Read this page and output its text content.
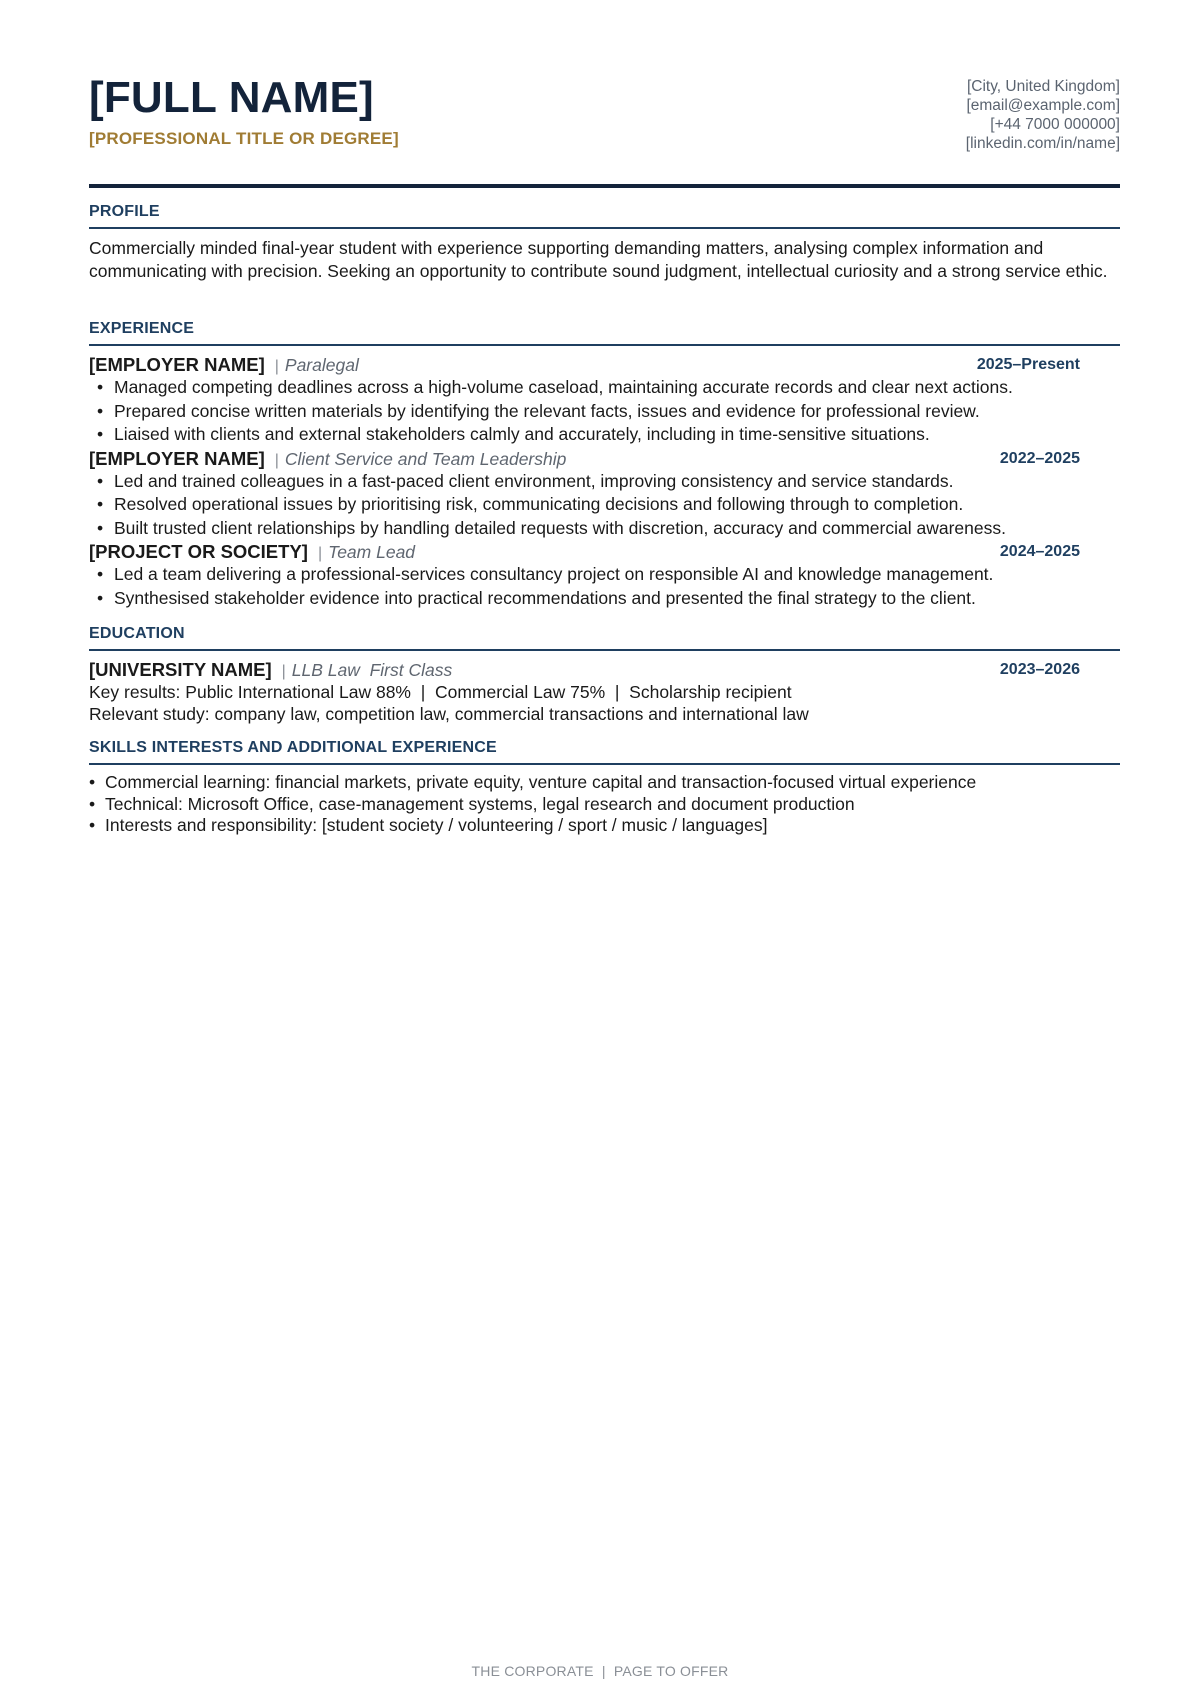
[FULL NAME]
[PROFESSIONAL TITLE OR DEGREE]
[City, United Kingdom]
[email@example.com]
[+44 7000 000000]
[linkedin.com/in/name]
PROFILE
Commercially minded final-year student with experience supporting demanding matters, analysing complex information and communicating with precision. Seeking an opportunity to contribute sound judgment, intellectual curiosity and a strong service ethic.
EXPERIENCE
[EMPLOYER NAME] | Paralegal	2025–Present
• Managed competing deadlines across a high-volume caseload, maintaining accurate records and clear next actions.
• Prepared concise written materials by identifying the relevant facts, issues and evidence for professional review.
• Liaised with clients and external stakeholders calmly and accurately, including in time-sensitive situations.
[EMPLOYER NAME] | Client Service and Team Leadership	2022–2025
• Led and trained colleagues in a fast-paced client environment, improving consistency and service standards.
• Resolved operational issues by prioritising risk, communicating decisions and following through to completion.
• Built trusted client relationships by handling detailed requests with discretion, accuracy and commercial awareness.
[PROJECT OR SOCIETY] | Team Lead	2024–2025
• Led a team delivering a professional-services consultancy project on responsible AI and knowledge management.
• Synthesised stakeholder evidence into practical recommendations and presented the final strategy to the client.
EDUCATION
[UNIVERSITY NAME] | LLB Law  First Class	2023–2026
Key results: Public International Law 88%  |  Commercial Law 75%  |  Scholarship recipient
Relevant study: company law, competition law, commercial transactions and international law
SKILLS INTERESTS AND ADDITIONAL EXPERIENCE
• Commercial learning: financial markets, private equity, venture capital and transaction-focused virtual experience
• Technical: Microsoft Office, case-management systems, legal research and document production
• Interests and responsibility: [student society / volunteering / sport / music / languages]
THE CORPORATE  |  PAGE TO OFFER
